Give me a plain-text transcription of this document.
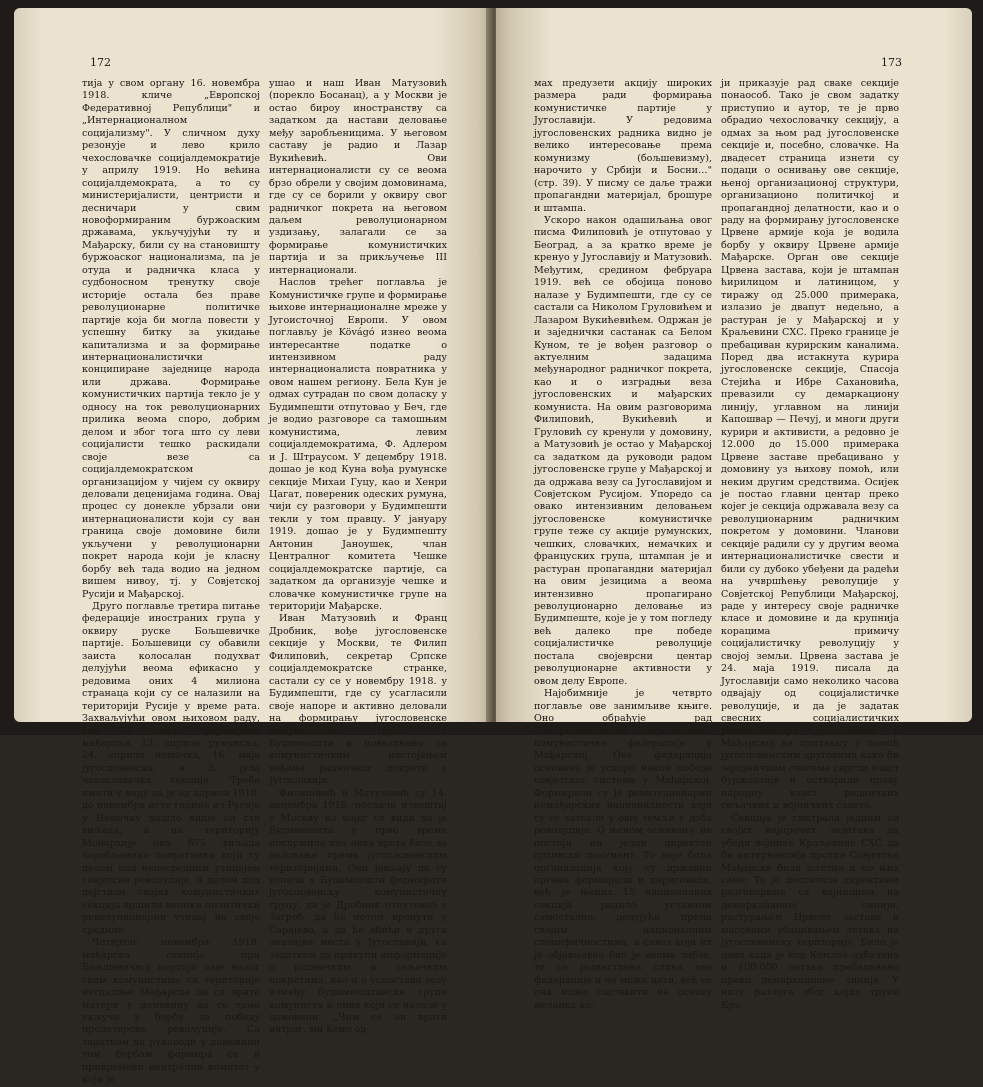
172

тија у свом органу 16. новембра 1918. кличе „Европској Федеративној Републици" и „Интернационалном социјализму". У сличном духу резонује и лево крило чехословачке социјалдемократије у априлу 1919. Но већина социјалдемократа, а то су министеријалисти, центристи и десничари у свим новоформираним буржоаским државама, укључујући ту и Мађарску, били су на становишту буржоаског национализма, па је отуда и радничка класа у судбоносном тренутку своје историје остала без праве револуционарне политичке партије која би могла повести у успешну битку за укидање капитализма и за формирање интернационалистички конципиране заједнице народа или држава. Формирање комунистичких партија текло је у односу на ток револуционарних прилика веома споро, добрим делом и због тога што су леви социјалисти тешко раскидали своје везе са социјалдемократском организацијом у чијем су оквиру деловали деценијама година. Овај процес су донекле убрзали они интернационалисти који су ван граница своје домовине били укључени у револуционарни покрет народа који је класну борбу већ тада водио на једном вишем нивоу, тј. у Совјетској Русији и Мађарској.

Друго поглавље третира питање федерације иностраних група у оквиру руске Бољшевичке партије. Бољшевици су обавили заиста колосалан подухват делујући веома ефикасно у редовима оних 4 милиона странаца који су се налазили на територији Русије у време рата. Захваљујући овом њиховом раду, већ 24. марта формирана мађарска, 13. априла румунска, 24. априла немачка, 16. маја југословенска, а 3. јула чехословачка секција. Треба имати у виду да је од априла 1918. до новембра исте године из Русије у Немачку дошло више од сто хиљада, а на територију Монархије око 675 хиљада заробљеника повратника који су делом под непосредним утицајем совјетске револуције, а делом под дејством својих комунистичких секција вршили велики политички револуционарни утицај на своје средине.

Четвртог новембра 1918. мађарска секција при Бољшевичкој партији даје налог свим комунистима са територије негдашње Мађарске да се врате матери у домовину да се тамо укључе у борбу за победу пролетерске револуције. Са задатком да руководи у домовини том борбом формира се и привремени централни комитет у који је

ушао и наш Иван Матузовић (порекло Босанац), а у Москви је остао бироу иностранству са задатком да настави деловање међу заробљеницима. У његовом саставу је радио и Лазар Вукићевић. Ови интернационалисти су се веома брзо обрели у својим домовинама, где су се борили у оквиру свог радничког покрета на његовом даљем револуционарном уздизању, залагали се за формирање комунистичких партија и за прикључење III интернационали.

Наслов трећег поглавља је Комунистичке групе и формирање њихове интернационалне мреже у Југоисточној Европи. У овом поглављу је Kövágó изнео веома интересантне податке о интензивном раду интернационалиста повратника у овом нашем региону. Бела Кун је одмах сутрадан по свом доласку у Будимпешти отпутовао у Беч, где је водио разговоре са тамошњим комунистима, левим социјалдемократима, Ф. Адлером и Ј. Штраусом. У децембру 1918. дошао је код Куна вођа румунске секције Михаи Гуцу, као и Хенри Цагат, повереник одеских румуна, чији су разговори у Будимпешти текли у том правцу. У јануару 1919. дошао је у Будимпешту Антонин Јаноушек, члан Централног комитета Чешке социјалдемократске партије, са задатком да организује чешке и словачке комунистичке групе на територији Мађарске.

Иван Матузовић и Франц Дробник, вође југословенске секције у Москви, те Филип Филиповић, секретар Српске социјалдемократске странке, састали су се у новембру 1918. у Будимпешти, где су усагласили своје напоре и активно деловали на формирању југословенске комунистичке групе у Будимпешти и повезивању са комунистичким настојањем вођама радничког покрета у Југославији.

Филиповић и Матузовић су 14. децембра 1918. послали извештај у Москву из којег се види да је Будимпешта у прво време послужила као нека врста базе за деловање према југословенским територијама. Они јављају да су успели у Будимпешти формирати југословенску комунистичку групу, да је Дробник отпутовао у Загреб, да ће потом кренути у Сарајево, а да ће обићи и друга значајна места у Југославији, са задатком да прикупи информације о радничким и сељачким покретима, као и о успостави везу између будимпештанске групе комуниста и оних који се налазе у домовини. „Чим се он врати натраг, ми ћемо од-

173

мах предузети акцију широких размера ради формирања комунистичке партије у Југославији. У редовима југословенских радника видно је велико интересовање према комунизму (бољшевизму), нарочито у Србији и Босни…" (стр. 39). У писму се даље тражи пропагандни материјал, брошуре и штампа.

Ускоро након одашиљања овог писма Филиповић је отпутовао у Београд, а за кратко време је кренуо у Југославију и Матузовић. Међутим, средином фебруара 1919. већ се обојица поново налазе у Будимпешти, где су се састали са Николом Груловићем и Лазаром Вукићевићем. Одржан је и заједнички састанак са Белом Куном, те је вођен разговор о актуелним задацима међународног радничког покрета, као и о изградњи веза југословенских и мађарских комуниста. На овим разговорима Филиповић, Вукићевић и Груловић су кренули у домовину, а Матузовић је остао у Мађарској са задатком да руководи радом југословенске групе у Мађарској и да одржава везу са Југославијом и Совјетском Русијом. Упоредо са овако интензивним деловањем југословенске комунистичке групе теже су акције румунских, чешких, словачких, немачких и француских група, штампан је и растуран пропагандни материјал на овим језицима а веома интензивно пропагирано револуционарно деловање из Будимпеште, које је у том погледу већ далеко пре победе социјалистичке револуције постала својеврсни центар револуционарне активности у овом делу Европе.

Најобимније је четврто поглавље ове занимљиве књиге. Оно обрађује рад Интернационалне социјалистичке комунистичке федерације у Мађарској. Ова федерација основана је ускоро након победе совјетског система у Мађарској. Формирали су је револуционарни немађарских националности који су се затекли у овој земљи у доба револуције. О њеном оснивању не постоји ни један директан архивски документ. То није била организација коју су државни органи формирали и дириговали, већ је њених 15 националних секција радило углавном самостално, делујући према својим националним специфичностима, а савез који их је објављавао био је веома лабав, те се јединствена слика ове федерације и не може дати, већ се она може саставити на основу мозаика ко-

ји приказује рад сваке секције понаособ. Тако је свом задатку приступио и аутор, те је прво обрадио чехословачку секцију, а одмах за њом рад југословенске секције и, посебно, словачке. На двадесет страница изнети су подаци о оснивању ове секције, њеној организационој структури, организационо политичкој и пропагандној делатности, као и о раду на формирању југословенске Црвене армије која је водила борбу у оквиру Црвене армије Мађарске. Орган ове секције Црвена застава, који је штампан ћирилицом и латиницом, у тиражу од 25.000 примерака, излазио је двапут недељно, а растуран је у Мађарској и у Краљевини СХС. Преко границе је пребациван курирским каналима. Поред два истакнута курира југословенске секције, Спасоја Стејића и Ибре Сахановића, превазили су демаркациону линију, углавном на линији Капошвар — Печуј, и многи други курири и активисти, а редовно је 12.000 до 15.000 примерака Црвене заставе пребацивано у домовину уз њихову помоћ, или неким другим средствима. Осијек је постао главни центар преко којег је секција одржавала везу са револуционарним радничким покретом у домовини. Чланови секције радили су у другим веома интернационалистичке свести и били су дубоко убеђени да радећи на учвршћењу револуције у Совјетској Републици Мађарској, раде у интересу своје радничке класе и домовине и да крупнија корацима примичу социјалистичку револуцију у својој земљи. Црвена застава је 24. маја 1919. писала да Југославији само неколико часова одвајају од социјалистичке револуције, и да је задатак свесних социјалистичких револуционара Југословена у Мађарској да притекну у помоћ југословенским друговима како би заједничким снагама свргли власт буржоазије и остварили праву народну власт радничких сељачких и војничких савета.

Секција је сматрала једним од својих најпречих задатака да убеди војнике Краљевине СХС да би интервенција против Совјетске Мађарске била штетна и по њих саме. То је постизала директним разговорима са војницима на демаркационој линији, растурањем Црвене заставе и масовним убацивањем летака на југословенску територију. Било је дана када је код Комлоа одбачено и 100.000 летака пребацивано преко демаркационе линије. У низу разлога због којих трупе Кра-
